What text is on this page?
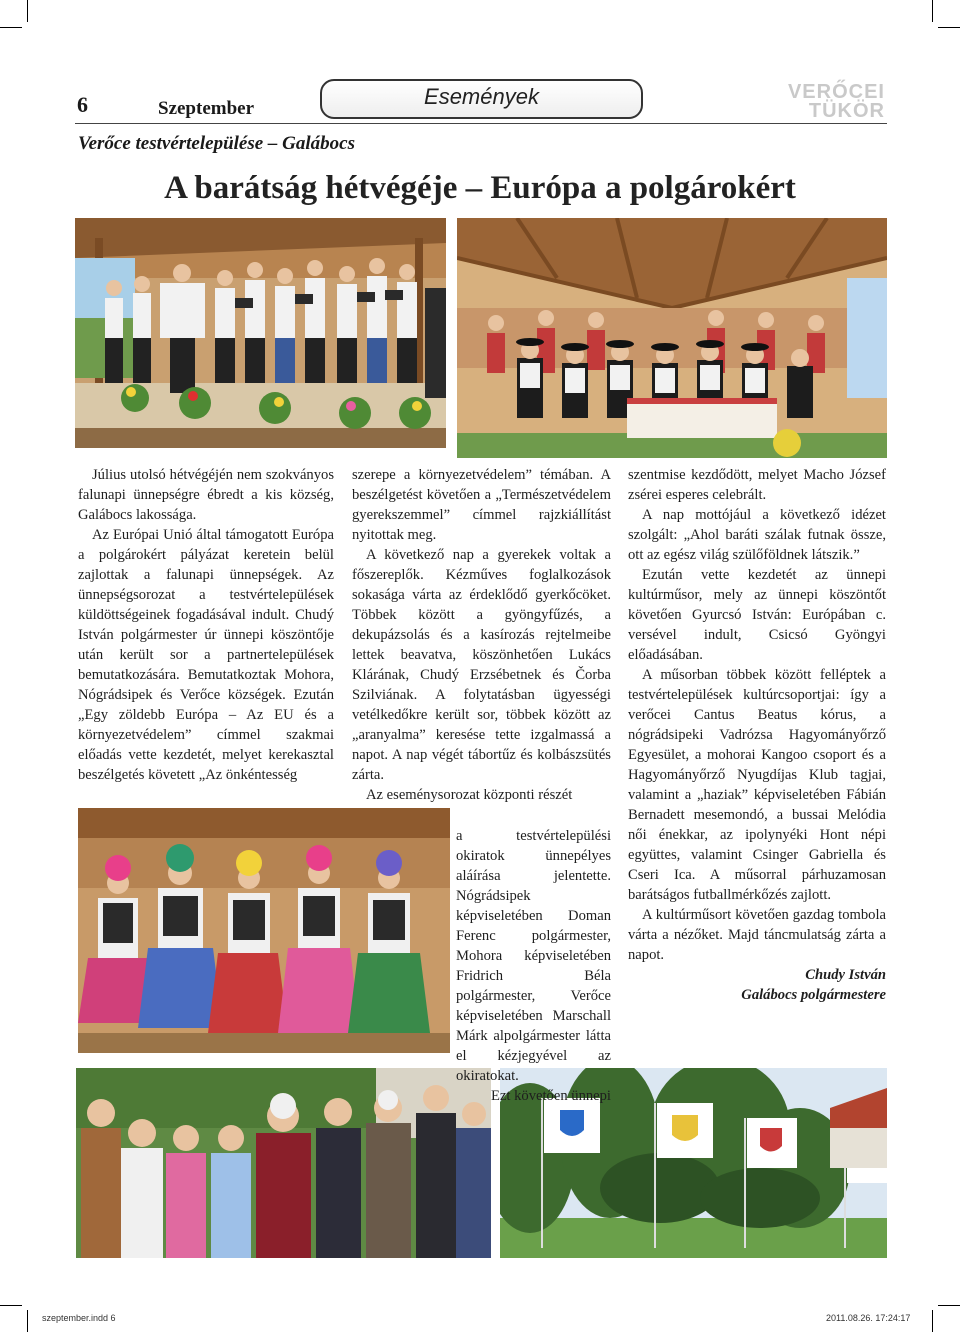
6	Szeptember	Események	VERŐCEI
TÜKÖR
Verőce testvértelepülése – Galábocs
A barátság hétvégéje – Európa a polgárokért

Július utolsó hétvégéjén nem szokványos falunapi ünnepségre ébredt a kis község, Galábocs lakossága.

Az Európai Unió által támogatott Európa a polgárokért pályázat keretein belül zajlottak a falunapi ünnepségek. Az ünnepségsorozat a testvértelepülések küldöttségeinek fogadásával indult. Chudý István polgármester úr ünnepi köszöntője után került sor a partnertelepülések bemutatkozására. Bemutatkoztak Mohora, Nógrádsipek és Verőce községek. Ezután „Egy zöldebb Európa – Az EU és a környezetvédelem” címmel szakmai előadás vette kezdetét, melyet kerekasztal beszélgetés követett „Az önkéntesség

szerepe a környezetvédelem” témában. A beszélgetést követően a „Természetvédelem gyerekszemmel” címmel rajzkiállítást nyitottak meg.

A következő nap a gyerekek voltak a főszereplők. Kézműves foglalkozások sokasága várta az érdeklődő gyerkőcöket. Többek között a gyöngyfűzés, a dekupázsolás és a kasírozás rejtelmeibe lettek beavatva, köszönhetően Lukács Klárának, Chudý Erzsébetnek és Čorba Szilviának. A folytatásban ügyességi vetélkedőkre került sor, többek között az „aranyalma” keresése tette izgalmassá a napot. A nap végét tábortűz és kolbászsütés zárta.

Az eseménysorozat központi részét

a testvértelepülési okiratok ünnepélyes aláírása jelentette. Nógrádsipek képviseletében Doman Ferenc polgármester, Mohora képviseletében Fridrich Béla polgármester, Verőce képviseletében Marschall Márk alpolgármester látta el kézjegyével az okiratokat.

Ezt követően ünnepi

szentmise kezdődött, melyet Macho József zsérei esperes celebrált.

A nap mottójául a következő idézet szolgált: „Ahol baráti szálak futnak össze, ott az egész világ szülőföldnek látszik.”

Ezután vette kezdetét az ünnepi kultúrműsor, mely az ünnepi köszöntőt követően Gyurcsó István: Európában c. versével indult, Csicsó Gyöngyi előadásában.

A műsorban többek között felléptek a testvértelepülések kultúrcsoportjai: így a verőcei Cantus Beatus kórus, a nógrádsipeki Vadrózsa Hagyományőrző Egyesület, a mohorai Kangoo csoport és a Hagyományőrző Nyugdíjas Klub tagjai, valamint a „haziak” képviseletében Fábián Bernadett mesemondó, a bussai Melódia női énekkar, az ipolynyéki Hont népi együttes, valamint Csinger Gabriella és Cseri Ica. A műsorral párhuzamosan barátságos futballmérkőzés zajlott.

A kultúrműsort követően gazdag tombola várta a nézőket. Majd táncmulatság zárta a napot.

Chudy István
Galábocs polgármestere
szeptember.indd 6	2011.08.26. 17:24:17
